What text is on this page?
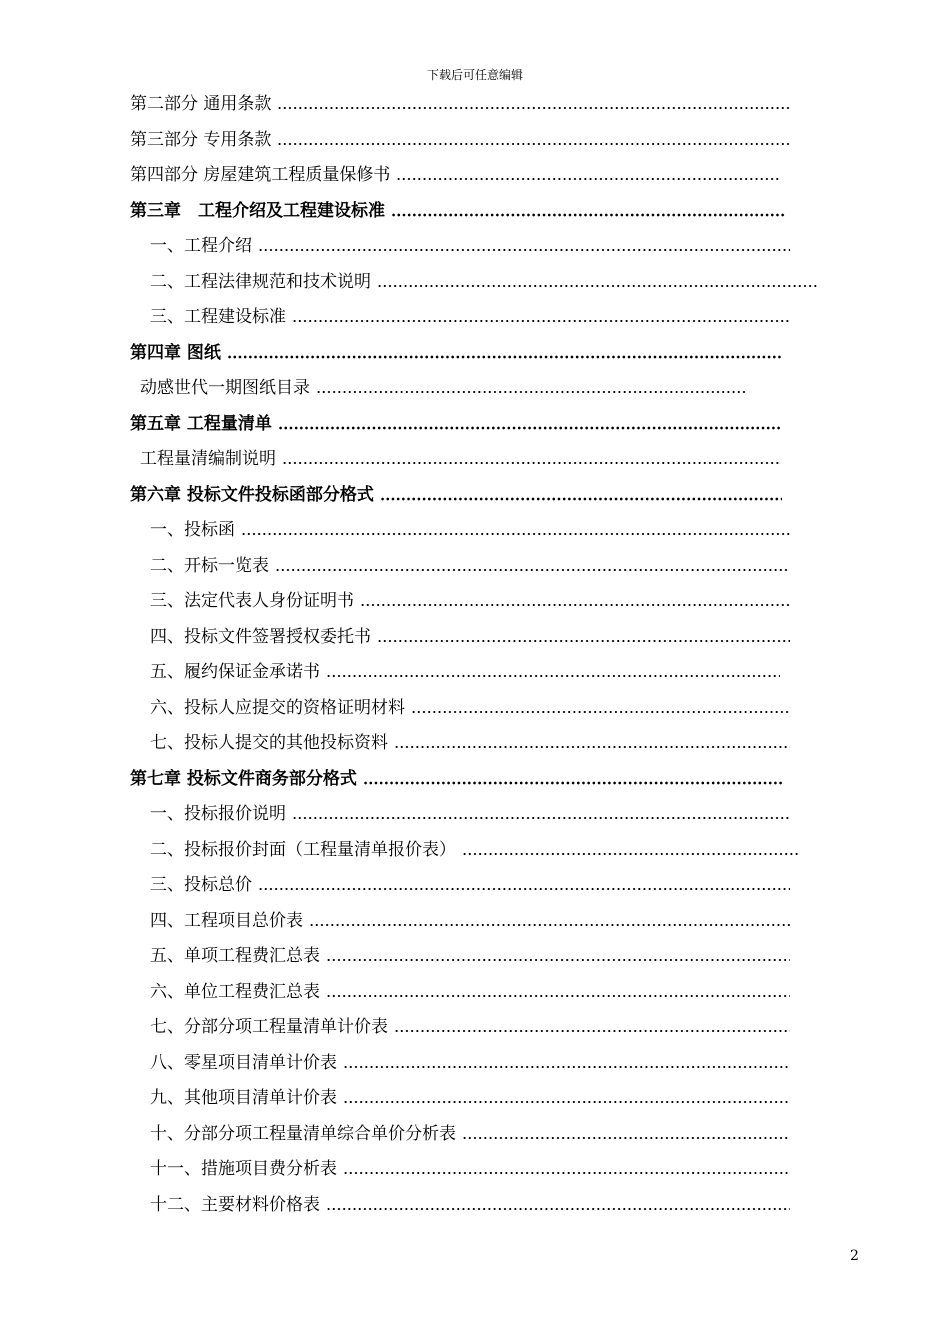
下载后可任意编辑
第二部分 通用条款
第三部分 专用条款
第四部分 房屋建筑工程质量保修书
第三章　工程介绍及工程建设标准
一、工程介绍
二、工程法律规范和技术说明
三、工程建设标准
第四章 图纸
动感世代一期图纸目录
第五章 工程量清单
工程量清编制说明
第六章 投标文件投标函部分格式
一、投标函
二、开标一览表
三、法定代表人身份证明书
四、投标文件签署授权委托书
五、履约保证金承诺书
六、投标人应提交的资格证明材料
七、投标人提交的其他投标资料
第七章 投标文件商务部分格式
一、投标报价说明
二、投标报价封面（工程量清单报价表）
三、投标总价
四、工程项目总价表
五、单项工程费汇总表
六、单位工程费汇总表
七、分部分项工程量清单计价表
八、零星项目清单计价表
九、其他项目清单计价表
十、分部分项工程量清单综合单价分析表
十一、措施项目费分析表
十二、主要材料价格表
2
